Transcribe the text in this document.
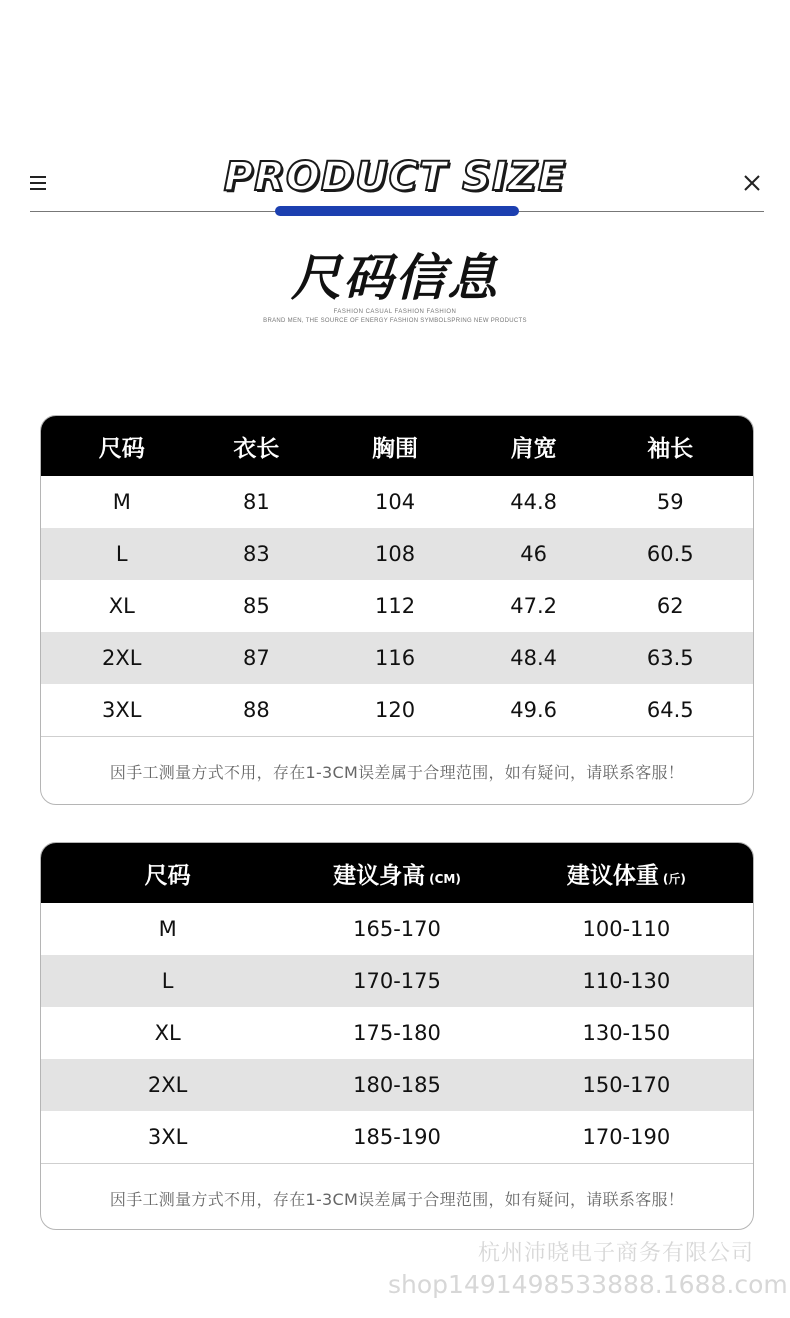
PRODUCT SIZE
尺码信息
FASHION CASUAL FASHION FASHION
BRAND MEN, THE SOURCE OF ENERGY FASHION SYMBOLSPRING NEW PRODUCTS
尺码	衣长	胸围	肩宽	袖长
M	81	104	44.8	59
L	83	108	46	60.5
XL	85	112	47.2	62
2XL	87	116	48.4	63.5
3XL	88	120	49.6	64.5
因手工测量方式不用，存在1-3CM误差属于合理范围，如有疑问，请联系客服！
尺码	建议身高 (CM)	建议体重 (斤)
M	165-170	100-110
L	170-175	110-130
XL	175-180	130-150
2XL	180-185	150-170
3XL	185-190	170-190
因手工测量方式不用，存在1-3CM误差属于合理范围，如有疑问，请联系客服！
杭州沛晓电子商务有限公司
shop1491498533888.1688.com
